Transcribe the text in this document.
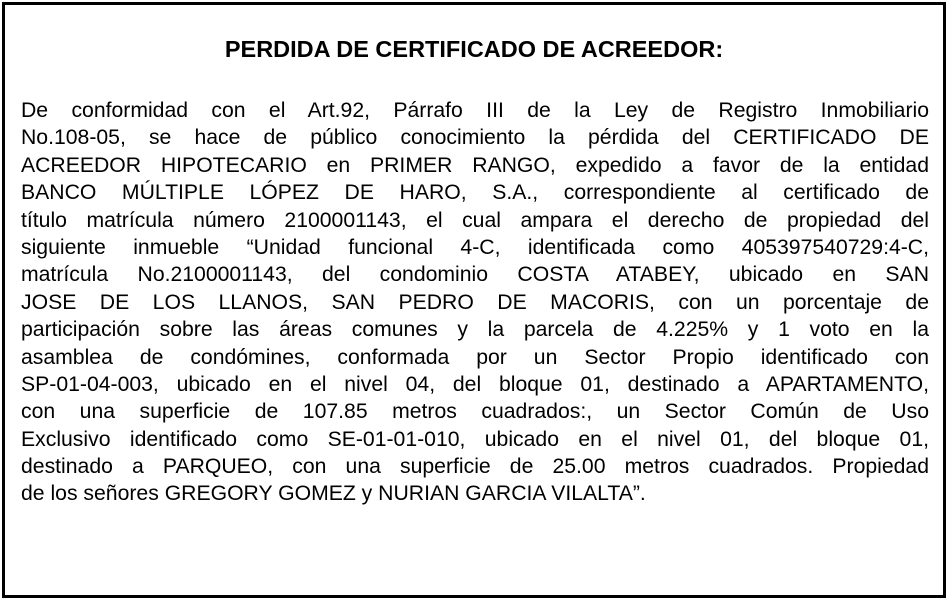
PERDIDA DE CERTIFICADO DE ACREEDOR:
De conformidad con el Art.92, Párrafo III de la Ley de Registro Inmobiliario
No.108-05, se hace de público conocimiento la pérdida del CERTIFICADO DE
ACREEDOR HIPOTECARIO en PRIMER RANGO, expedido a favor de la entidad
BANCO MÚLTIPLE LÓPEZ DE HARO, S.A., correspondiente al certificado de
título matrícula número 2100001143, el cual ampara el derecho de propiedad del
siguiente inmueble “Unidad funcional 4-C, identificada como 405397540729:4-C,
matrícula No.2100001143, del condominio COSTA ATABEY, ubicado en SAN
JOSE DE LOS LLANOS, SAN PEDRO DE MACORIS, con un porcentaje de
participación sobre las áreas comunes y la parcela de 4.225% y 1 voto en la
asamblea de condómines, conformada por un Sector Propio identificado con
SP-01-04-003, ubicado en el nivel 04, del bloque 01, destinado a APARTAMENTO,
con una superficie de 107.85 metros cuadrados:, un Sector Común de Uso
Exclusivo identificado como SE-01-01-010, ubicado en el nivel 01, del bloque 01,
destinado a PARQUEO, con una superficie de 25.00 metros cuadrados. Propiedad
de los señores GREGORY GOMEZ y NURIAN GARCIA VILALTA”.
